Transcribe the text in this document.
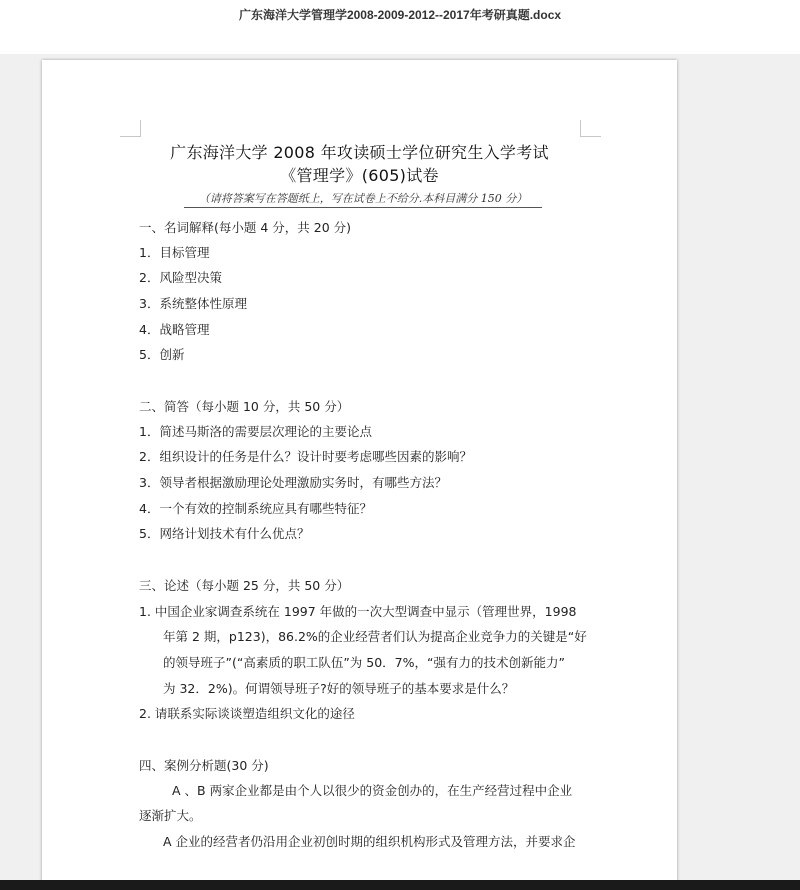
广东海洋大学管理学2008-2009-2012--2017年考研真题.docx
广东海洋大学 2008 年攻读硕士学位研究生入学考试
《管理学》(605)试卷
（请将答案写在答题纸上，写在试卷上不给分.本科目满分 150 分）
一、名词解释(每小题 4 分，共 20 分)
1．目标管理
2．风险型决策
3．系统整体性原理
4．战略管理
5．创新
二、简答（每小题 10 分，共 50 分）
1．简述马斯洛的需要层次理论的主要论点
2．组织设计的任务是什么？设计时要考虑哪些因素的影响？
3．领导者根据激励理论处理激励实务时，有哪些方法？
4．一个有效的控制系统应具有哪些特征？
5．网络计划技术有什么优点？
三、论述（每小题 25 分，共 50 分）
1. 中国企业家调查系统在 1997 年做的一次大型调查中显示（管理世界，1998
年第 2 期，p123)，86.2%的企业经营者们认为提高企业竞争力的关键是“好
的领导班子”(“高素质的职工队伍”为 50．7%，“强有力的技术创新能力”
为 32．2%)。何谓领导班子?好的领导班子的基本要求是什么？
2. 请联系实际谈谈塑造组织文化的途径
四、案例分析题(30 分)
A 、B 两家企业都是由个人以很少的资金创办的，在生产经营过程中企业
逐渐扩大。
A 企业的经营者仍沿用企业初创时期的组织机构形式及管理方法，并要求企
